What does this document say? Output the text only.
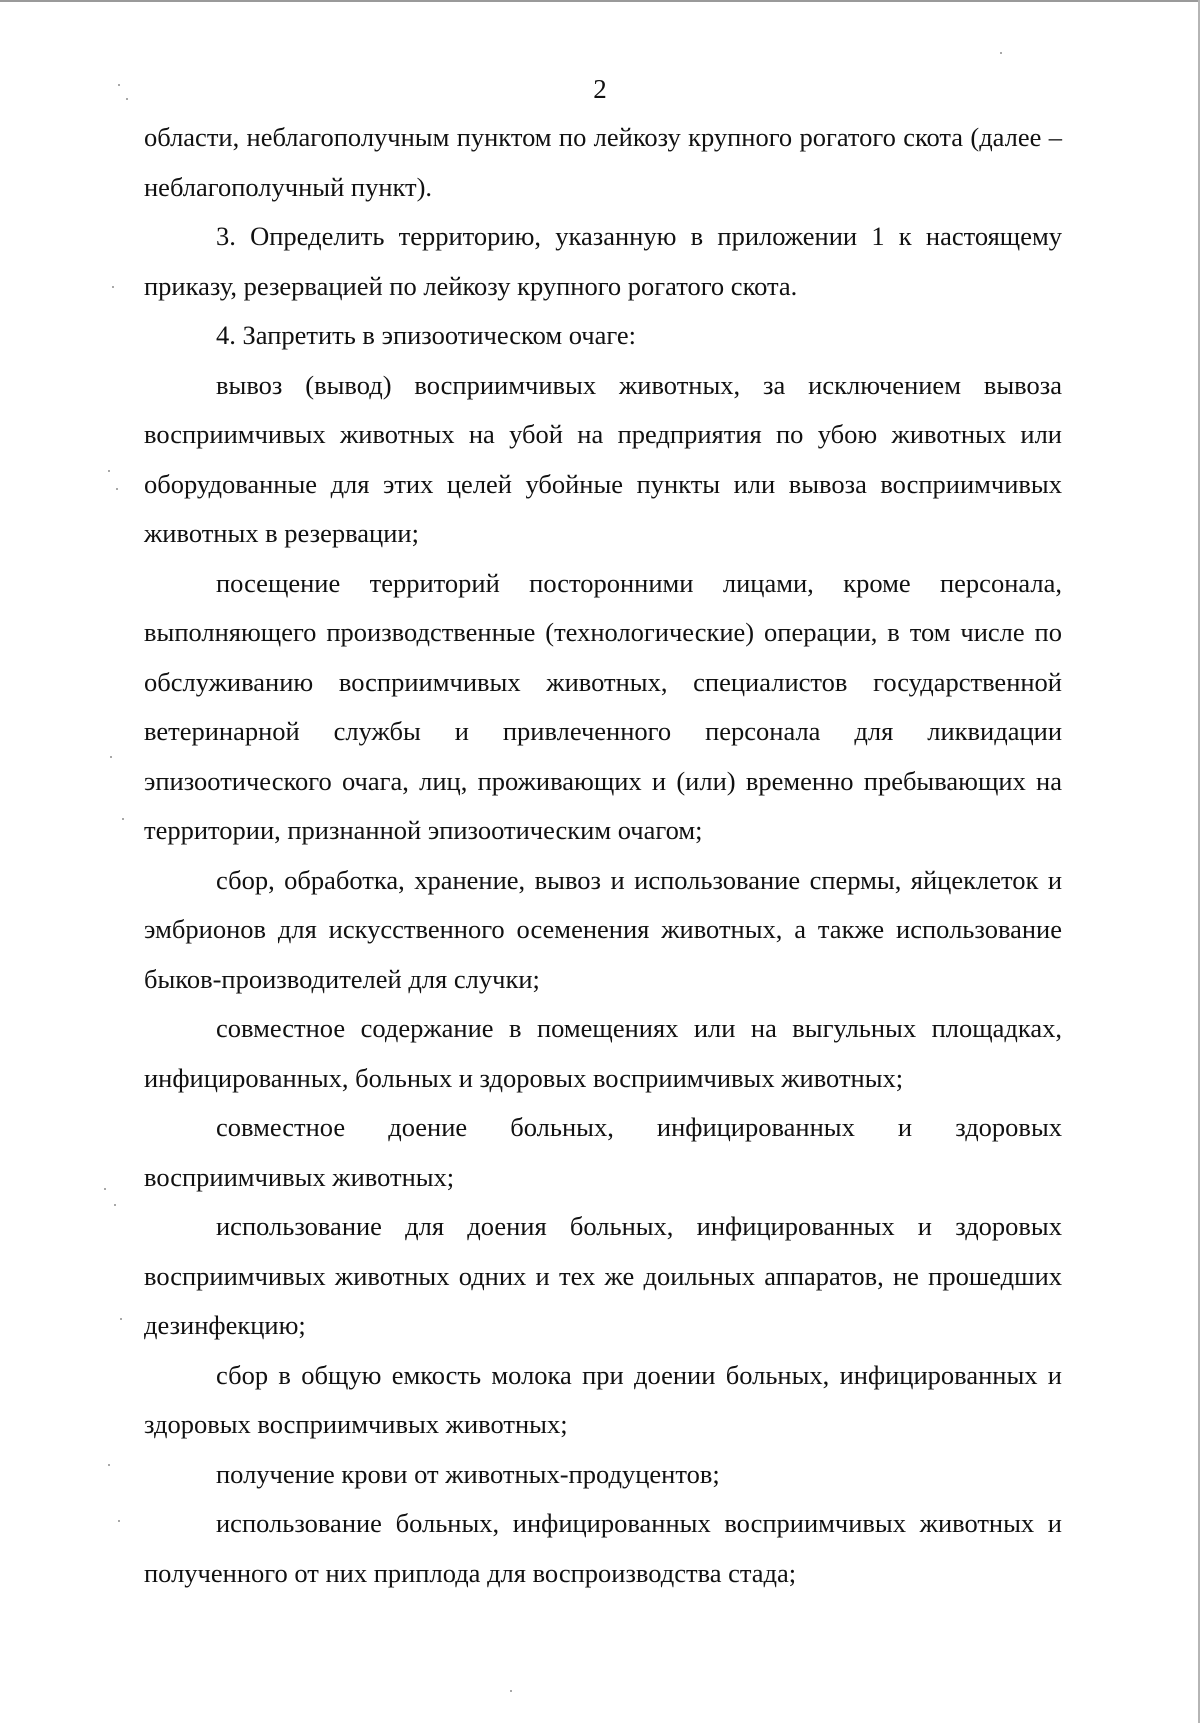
2

области, неблагополучным пунктом по лейкозу крупного рогатого скота (далее – неблагополучный пункт).

3. Определить территорию, указанную в приложении 1 к настоящему приказу, резервацией по лейкозу крупного рогатого скота.

4. Запретить в эпизоотическом очаге:

вывоз (вывод) восприимчивых животных, за исключением вывоза восприимчивых животных на убой на предприятия по убою животных или оборудованные для этих целей убойные пункты или вывоза восприимчивых животных в резервации;

посещение территорий посторонними лицами, кроме персонала, выполняющего производственные (технологические) операции, в том числе по обслуживанию восприимчивых животных, специалистов государственной ветеринарной службы и привлеченного персонала для ликвидации эпизоотического очага, лиц, проживающих и (или) временно пребывающих на территории, признанной эпизоотическим очагом;

сбор, обработка, хранение, вывоз и использование спермы, яйцеклеток и эмбрионов для искусственного осеменения животных, а также использование быков-производителей для случки;

совместное содержание в помещениях или на выгульных площадках, инфицированных, больных и здоровых восприимчивых животных;

совместное доение больных, инфицированных и здоровых восприимчивых животных;

использование для доения больных, инфицированных и здоровых восприимчивых животных одних и тех же доильных аппаратов, не прошедших дезинфекцию;

сбор в общую емкость молока при доении больных, инфицированных и здоровых восприимчивых животных;

получение крови от животных-продуцентов;

использование больных, инфицированных восприимчивых животных и полученного от них приплода для воспроизводства стада;
